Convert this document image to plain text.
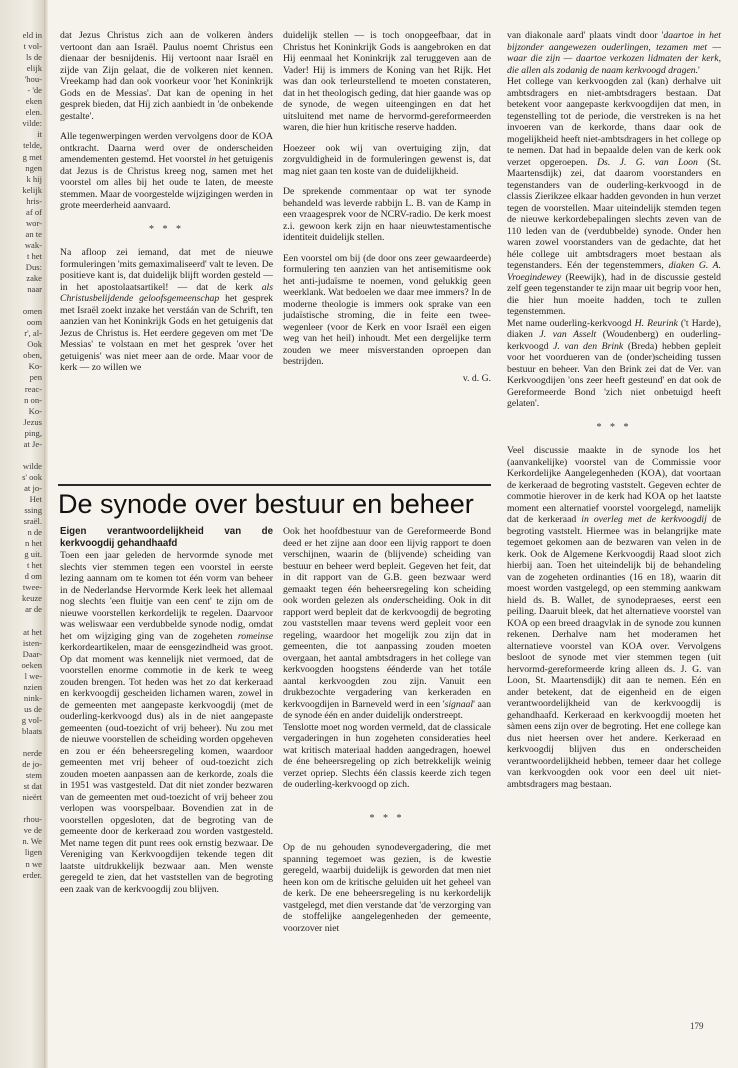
eld in
t vol-
ls de
elijk
'hou-
- 'de
eken
elen.
vilde:
it
telde,
g met
ngen
k hij
kelijk
hris-
af of
wor-
an te
wak-
t het
Dus:
zake
naar

omen
oom
r', al-
Ook
oben,
Ko-
pen
reac-
n on-
Ko-
Jezus
ping,
at Je-

wilde
s' ook
at jo-
Het
ssing
sraël.
n de
n het
g uit.
t het
d om
twee-
keuze
ar de

at het
isten-
Daar-
oeken
l we-
nzien
nink-
us de
g vol-
blaats

nerde
de jo-
stem
st dat
nieërt

rhou-
ve de
n. We
ligen
n we
erder.

dat Jezus Christus zich aan de volkeren ànders vertoont dan aan Israël. Paulus noemt Christus een dienaar der besnijdenis. Hij vertoont naar Israël en zijde van Zijn gelaat, die de volkeren niet kennen. Vreekamp had dan ook voorkeur voor 'het Koninkrijk Gods en de Messias'. Dat kan de opening in het gesprek bieden, dat Hij zich aanbiedt in 'de onbekende gestalte'.

Alle tegenwerpingen werden vervolgens door de KOA ontkracht. Daarna werd over de onderscheiden amendementen gestemd. Het voorstel in het getuigenis dat Jezus is de Christus kreeg nog, samen met het voorstel om alles bij het oude te laten, de meeste stemmen. Maar de voorgestelde wijzigingen werden in grote meerderheid aanvaard.

* * *

Na afloop zei iemand, dat met de nieuwe formuleringen 'mits gemaximaliseerd' valt te leven. De positieve kant is, dat duidelijk blijft worden gesteld — in het apostolaatsartikel! — dat de kerk als Christusbelijdende geloofsgemeenschap het gesprek met Israël zoekt inzake het verstáán van de Schrift, ten aanzien van het Koninkrijk Gods en het getuigenis dat Jezus de Christus is. Het eerdere gegeven om met 'De Messias' te volstaan en met het gesprek 'over het getuigenis' was niet meer aan de orde. Maar voor de kerk — zo willen we

duidelijk stellen — is toch onopgeefbaar, dat in Christus het Koninkrijk Gods is aangebroken en dat Hij eenmaal het Koninkrijk zal teruggeven aan de Vader! Hij is immers de Koning van het Rijk. Het was dan ook terleurstellend te moeten constateren, dat in het theologisch geding, dat hier gaande was op de synode, de wegen uiteengingen en dat het uitsluitend met name de hervormd-gereformeerden waren, die hier hun kritische reserve hadden.

Hoezeer ook wij van overtuiging zijn, dat zorgvuldigheid in de formuleringen gewenst is, dat mag niet gaan ten koste van de duidelijkheid.

De sprekende commentaar op wat ter synode behandeld was leverde rabbijn L. B. van de Kamp in een vraagesprek voor de NCRV-radio. De kerk moest z.i. gewoon kerk zijn en haar nieuwtestamentische identiteit duidelijk stellen.

Een voorstel om bij (de door ons zeer gewaardeerde) formulering ten aanzien van het antisemitisme ook het anti-judaïsme te noemen, vond gelukkig geen weerklank. Wat bedoelen we daar mee immers? In de moderne theologie is immers ook sprake van een judaïstische stroming, die in feite een twee-wegenleer (voor de Kerk en voor Israël een eigen weg van het heil) inhoudt. Met een dergelijke term zouden we meer misverstanden oproepen dan bestrijden.

v. d. G.

van diakonale aard' plaats vindt door 'daartoe in het bijzonder aangewezen ouderlingen, tezamen met — waar die zijn — daartoe verkozen lidmaten der kerk, die allen als zodanig de naam kerkvoogd dragen.'

Het college van kerkvoogden zal (kan) derhalve uit ambtsdragers en niet-ambtsdragers bestaan. Dat betekent voor aangepaste kerkvoogdijen dat men, in tegenstelling tot de periode, die verstreken is na het invoeren van de kerkorde, thans daar ook de mogelijkheid heeft niet-ambtsdragers in het college op te nemen. Dat had in bepaalde delen van de kerk ook verzet opgeroepen. Ds. J. G. van Loon (St. Maartensdijk) zei, dat daarom voorstanders en tegenstanders van de ouderling-kerkvoogd in de classis Zierikzee elkaar hadden gevonden in hun verzet tegen de voorstellen. Maar uiteindelijk stemden tegen de nieuwe kerkordebepalingen slechts zeven van de 110 leden van de (verdubbelde) synode. Onder hen waren zowel voorstanders van de gedachte, dat het héle college uit ambtsdragers moet bestaan als tegenstanders. Eén der tegenstemmers, diaken G. A. Vroegindewey (Reewijk), had in de discussie gesteld zelf geen tegenstander te zijn maar uit begrip voor hen, die hier hun moeite hadden, toch te zullen tegenstemmen.

Met name ouderling-kerkvoogd H. Reurink ('t Harde), diaken J. van Asselt (Woudenberg) en ouderling-kerkvoogd J. van den Brink (Breda) hebben gepleit voor het voordueren van de (onder)scheiding tussen bestuur en beheer. Van den Brink zei dat de Ver. van Kerkvoogdijen 'ons zeer heeft gesteund' en dat ook de Gereformeerde Bond 'zich niet onbetuigd heeft gelaten'.

* * *

Veel discussie maakte in de synode los het (aanvankelijke) voorstel van de Commissie voor Kerkordelijke Aangelegenheden (KOA), dat voortaan de kerkeraad de begroting vaststelt. Gegeven echter de commotie hierover in de kerk had KOA op het laatste moment een alternatief voorstel voorgelegd, namelijk dat de kerkeraad in overleg met de kerkvoogdij de begroting vaststelt. Hiermee was in belangrijke mate tegemoet gekomen aan de bezwaren van velen in de kerk. Ook de Algemene Kerkvoogdij Raad sloot zich hierbij aan. Toen het uiteindelijk bij de behandeling van de zogeheten ordinanties (16 en 18), waarin dit moest worden vastgelegd, op een stemming aankwam hield ds. B. Wallet, de synodepraeses, eerst een peiling. Daaruit bleek, dat het alternatieve voorstel van KOA op een breed draagvlak in de synode zou kunnen rekenen. Derhalve nam het moderamen het alternatieve voorstel van KOA over. Vervolgens besloot de synode met vier stemmen tegen (uit hervormd-gereformeerde kring alleen ds. J. G. van Loon, St. Maartensdijk) dit aan te nemen. Eén en ander betekent, dat de eigenheid en de eigen verantwoordelijkheid van de kerkvoogdij is gehandhaafd. Kerkeraad en kerkvoogdij moeten het sàmen eens zijn over de begroting. Het ene college kan dus niet heersen over het andere. Kerkeraad en kerkvoogdij blijven dus en onderscheiden verantwoordelijkheid hebben, temeer daar het college van kerkvoogden ook voor een deel uit niet-ambtsdragers mag bestaan.

De synode over bestuur en beheer
Eigen verantwoordelijkheid van de kerkvoogdij gehandhaafd

Toen een jaar geleden de hervormde synode met slechts vier stemmen tegen een voorstel in eerste lezing aannam om te komen tot één vorm van beheer in de Nederlandse Hervormde Kerk leek het allemaal nog slechts 'een fluitje van een cent' te zijn om de nieuwe voorstellen kerkordelijk te regelen. Daarvoor was weliswaar een verdubbelde synode nodig, omdat het om wijziging ging van de zogeheten romeinse kerkordeartikelen, maar de eensgezindheid was groot. Op dat moment was kennelijk niet vermoed, dat de voorstellen enorme commotie in de kerk te weeg zouden brengen. Tot heden was het zo dat kerkeraad en kerkvoogdij gescheiden lichamen waren, zowel in de gemeenten met aangepaste kerkvoogdij (met de ouderling-kerkvoogd dus) als in de niet aangepaste gemeenten (oud-toezicht of vrij beheer). Nu zou met de nieuwe voorstellen de scheiding worden opgeheven en zou er één beheersregeling komen, waardoor gemeenten met vrij beheer of oud-toezicht zich zouden moeten aanpassen aan de kerkorde, zoals die in 1951 was vastgesteld. Dat dit niet zonder bezwaren van de gemeenten met oud-toezicht of vrij beheer zou verlopen was voorspelbaar. Bovendien zat in de voorstellen opgesloten, dat de begroting van de gemeente door de kerkeraad zou worden vastgesteld. Met name tegen dit punt rees ook ernstig bezwaar. De Vereniging van Kerkvoogdijen tekende tegen dit laatste uitdrukkelijk bezwaar aan. Men wenste geregeld te zien, dat het vaststellen van de begroting een zaak van de kerkvoogdij zou blijven.

Ook het hoofdbestuur van de Gereformeerde Bond deed er het zijne aan door een lijvig rapport te doen verschijnen, waarin de (blijvende) scheiding van bestuur en beheer werd bepleit. Gegeven het feit, dat in dit rapport van de G.B. geen bezwaar werd gemaakt tegen één beheersregeling kon scheiding ook worden gelezen als onderscheiding. Ook in dit rapport werd bepleit dat de kerkvoogdij de begroting zou vaststellen maar tevens werd gepleit voor een regeling, waardoor het mogelijk zou zijn dat in gemeenten, die tot aanpassing zouden moeten overgaan, het aantal ambtsdragers in het college van kerkvoogden hoogstens éénderde van het totále aantal kerkvoogden zou zijn. Vanuit een drukbezochte vergadering van kerkeraden en kerkvoogdijen in Barneveld werd in een 'signaal' aan de synode één en ander duidelijk onderstreept.

Tenslotte moet nog worden vermeld, dat de classicale vergaderingen in hun zogeheten consideraties heel wat kritisch materiaal hadden aangedragen, hoewel de éne beheersregeling op zich betrekkelijk weinig verzet opriep. Slechts één classis keerde zich tegen de ouderling-kerkvoogd op zich.

* * *

Op de nu gehouden synodevergadering, die met spanning tegemoet was gezien, is de kwestie geregeld, waarbij duidelijk is geworden dat men niet heen kon om de kritische geluiden uit het geheel van de kerk. De ene beheersregeling is nu kerkordelijk vastgelegd, met dien verstande dat 'de verzorging van de stoffelijke aangelegenheden der gemeente, voorzover niet

179
